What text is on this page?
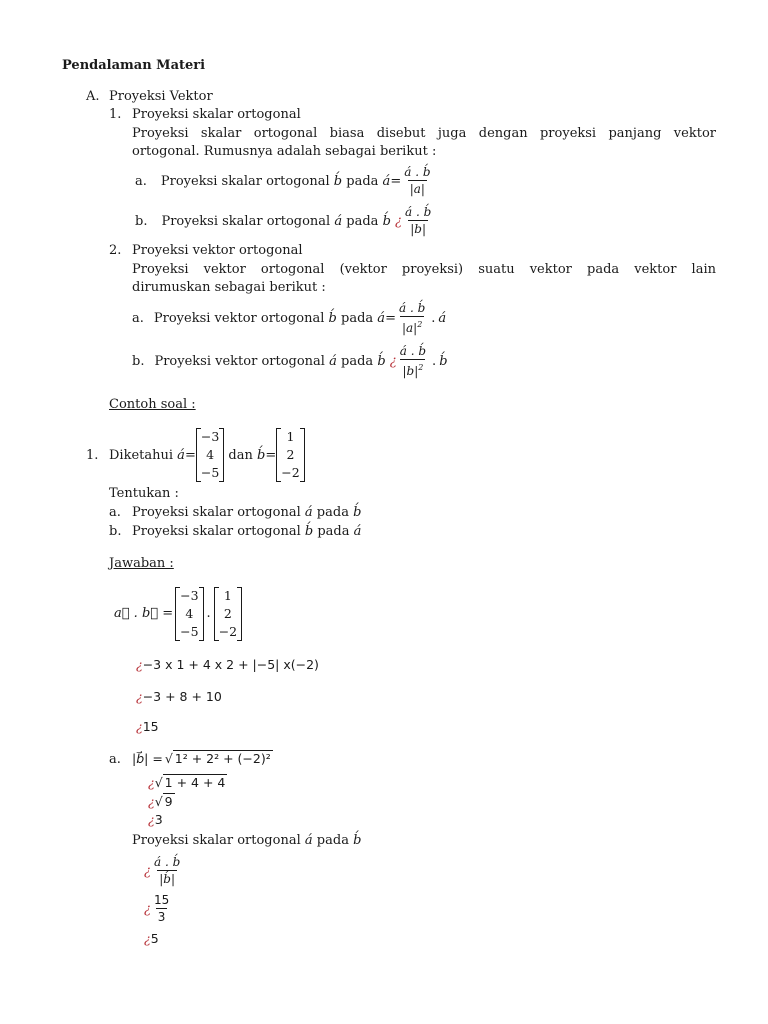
Pendalaman Materi
A. Proyeksi Vektor
1. Proyeksi skalar ortogonal
Proyeksi skalar ortogonal biasa disebut juga dengan proyeksi panjang vektor
ortogonal. Rumusnya adalah sebagai berikut :
a. Proyeksi skalar ortogonal
b́
pada
á = $\frac{á . b́}{|a|}$
b. Proyeksi skalar ortogonal
á
pada
b́
¿ $\frac{á . b́}{|b|}$
2. Proyeksi vektor ortogonal
Proyeksi vektor ortogonal (vektor proyeksi) suatu vektor pada vektor lain
dirumuskan sebagai berikut :
a. Proyeksi vektor ortogonal
b́
pada
á = $\frac{á . b́}{|a|^2}$ . á
b. Proyeksi vektor ortogonal
á
pada
b́
¿ $\frac{á . b́}{|b|^2}$ . b́
Contoh soal :
1. Diketahui
á =
−3
4
−5

dan
b́ =
1
2
−2
Tentukan :
a. Proyeksi skalar ortogonal á pada b́
b. Proyeksi skalar ortogonal b́ pada á
Jawaban :
a⃗ . b⃗ =
−3
4
−5
.
1
2
−2
¿−3 x 1 + 4 x 2 + |−5| x(−2)
¿−3 + 8 + 10
¿15
a. |b⃗| = √ 1² + 2² + (−2)²
¿√ 1 + 4 + 4
¿√ 9
¿3
Proyeksi skalar ortogonal á pada b́
¿ $\frac{á . b́}{|b́|}$
¿ $\frac{15}{3}$
¿5
